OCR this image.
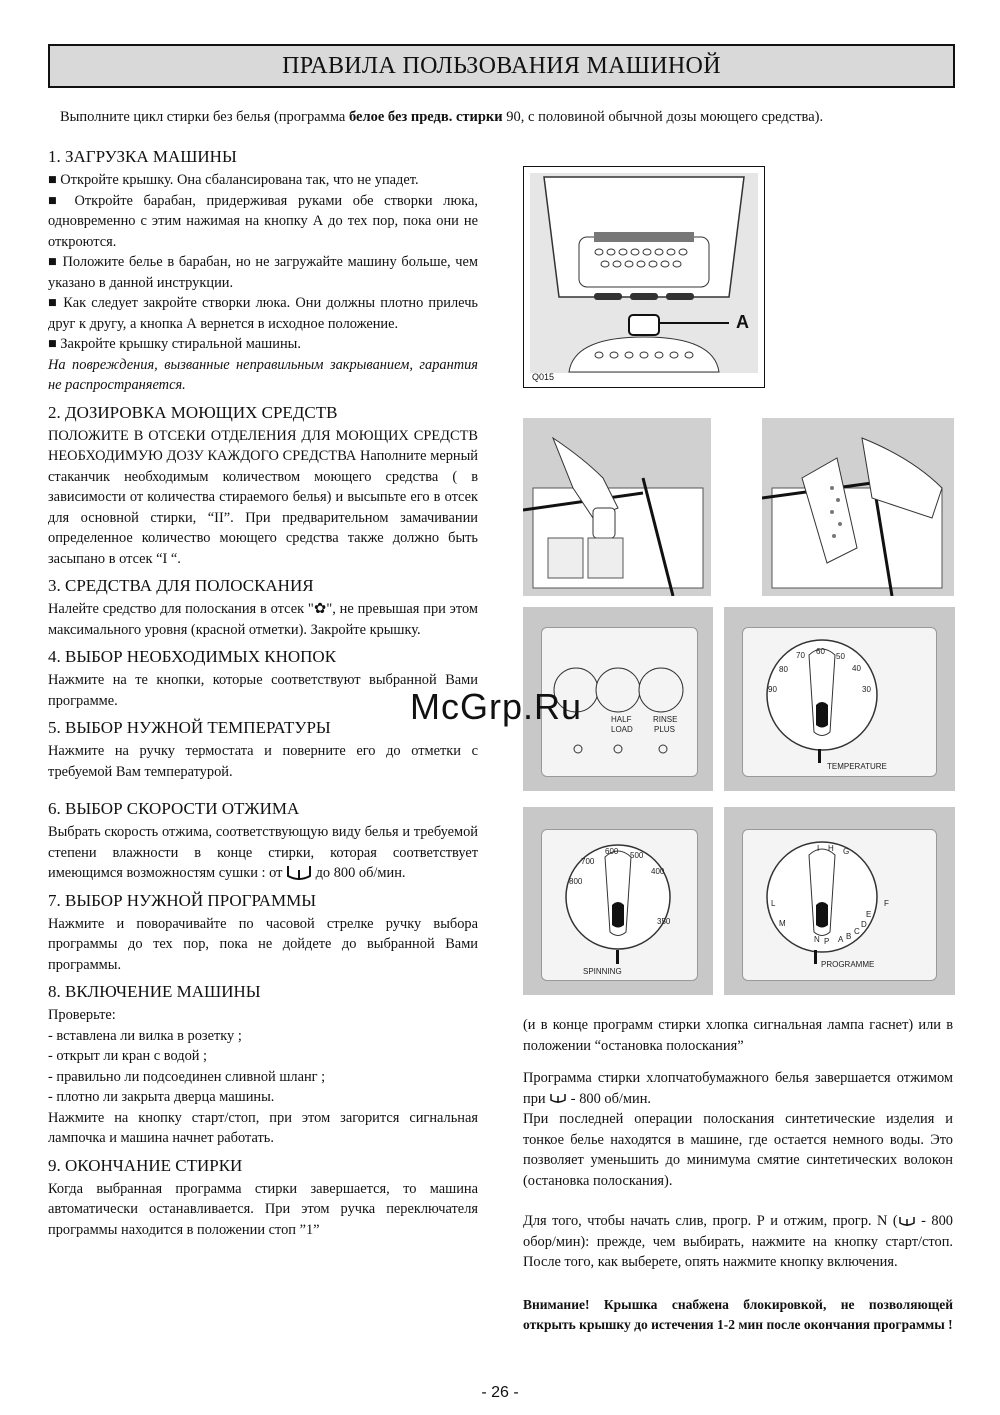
ПРАВИЛА ПОЛЬЗОВАНИЯ МАШИНОЙ
Выполните цикл стирки без белья (программа белое без предв. стирки 90, с половиной обычной дозы моющего средства).
1. ЗАГРУЗКА МАШИНЫ

■ Откройте крышку. Она сбалансирована так, что не упадет.

■ Откройте барабан, придерживая руками обе створки люка, одновременно с этим нажимая на кнопку А до тех пор, пока они не откроются.

■ Положите белье в барабан, но не загружайте машину больше, чем указано в данной инструкции.

■ Как следует закройте створки люка. Они должны плотно прилечь друг к другу, а кнопка А вернется в исходное положение.

■ Закройте крышку стиральной машины.

На повреждения, вызванные неправильным закрыванием, гарантия не распространяется.

2. ДОЗИРОВКА МОЮЩИХ СРЕДСТВ

ПОЛОЖИТЕ В ОТСЕКИ ОТДЕЛЕНИЯ ДЛЯ МОЮЩИХ СРЕДСТВ НЕОБХОДИМУЮ ДОЗУ КАЖДОГО СРЕДСТВА Наполните мерный стаканчик необходимым количеством моющего средства ( в зависимости от количества стираемого белья) и высыпьте его в отсек для основной стирки, “II”. При предварительном замачивании определенное количество моющего средства также должно быть засыпано в отсек “I “.

3. СРЕДСТВА ДЛЯ ПОЛОСКАНИЯ

Налейте средство для полоскания в отсек "✿", не превышая при этом максимального уровня (красной отметки). Закройте крышку.

4. ВЫБОР НЕОБХОДИМЫХ КНОПОК

Нажмите на те кнопки, которые соответствуют выбранной Вами программе.

5. ВЫБОР НУЖНОЙ ТЕМПЕРАТУРЫ

Нажмите на ручку термостата и поверните его до отметки с требуемой Вам температурой.

6. ВЫБОР СКОРОСТИ ОТЖИМА

Выбрать скорость отжима, соответствующую виду белья и требуемой степени влажности в конце стирки, которая соответствует имеющимся возможностям сушки : от  до 800 об/мин.

7. ВЫБОР НУЖНОЙ ПРОГРАММЫ

Нажмите и поворачивайте по часовой стрелке ручку выбора программы до тех пор, пока не дойдете до выбранной Вами программы.

8. ВКЛЮЧЕНИЕ МАШИНЫ

Проверьте:

- вставлена ли вилка в розетку ;

- открыт ли кран с водой ;

- правильно ли подсоединен сливной шланг ;

- плотно ли закрыта дверца машины.

Нажмите на кнопку старт/стоп, при этом загорится сигнальная лампочка и машина начнет работать.

9. ОКОНЧАНИЕ СТИРКИ

Когда выбранная программа стирки завершается, то машина автоматически останавливается. При этом ручка переключателя программы находится в положении стоп ”1”

A
Q015
HALF
LOAD
RINSE
PLUS
90
80
70 60
50
40
30
TEMPERATURE
800
700
600 500
400
350
SPINNING
A B
C
D
E
F
G
H
I
L
M
N P
PROGRAMME
McGrp.Ru

(и в конце программ стирки хлопка сигнальная лампа гаснет) или в положении “остановка полоскания”

Программа стирки хлопчатобумажного белья завершается отжимом при  - 800 об/мин.

При последней операции полоскания синтетические изделия и тонкое белье находятся в машине, где остается немного воды. Это позволяет уменьшить до минимума смятие синтетических волокон (остановка полоскания).

Для того, чтобы начать слив, прогр. Р и отжим, прогр. N ( - 800 обор/мин): прежде, чем выбирать, нажмите на кнопку старт/стоп. После того, как выберете, опять нажмите кнопку включения.

Внимание! Крышка снабжена блокировкой, не позволяющей открыть крышку до истечения 1-2 мин после окончания программы !

- 26 -
